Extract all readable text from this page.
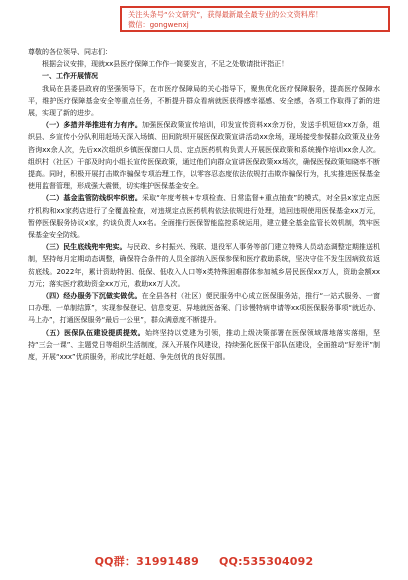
关注头条号“公文研究”，获得最新最全最专业的公文资料库！
微信：gongwenxj

尊敬的各位领导、同志们：

根据会议安排，现就xx县医疗保障工作作一简要发言，不足之处敬请批评指正！

一、工作开展情况

我局在县委县政府的坚强领导下，在市医疗保障局的关心指导下，聚焦优化医疗保障服务，提高医疗保障水平，维护医疗保障基金安全等重点任务，不断提升群众看病就医获得感幸福感、安全感，各项工作取得了新的进展，实现了新的进步。

（一）多措并举推进有力有序。加强医保政策宣传培训，印发宣传资料xx余万份，发送手机短信xx万条，组织县、乡宣传小分队利用赶场天深入场镇、田间院坝开展医保政策宣讲活动xx余场，现场接受参保群众政策及业务咨询xx余人次，先后xx次组织乡镇医保窗口人员、定点医药机构负责人开展医保政策和系统操作培训xx余人次。组织村（社区）干部及时向小组长宣传医保政策，通过他们向群众宣讲医保政策xx场次，确保医保政策知晓率不断提高。同时，积极开展打击欺诈骗保专项治理工作，以零容忍态度依法依规打击欺诈骗保行为，扎实推进医保基金使用监督管理，形成强大震慑，切实维护医保基金安全。

（二）基金监管防线织牢织密。采取“年度考核+专项检查、日常监督+重点抽查”的模式，对全县x家定点医疗机构和xx家药店进行了全覆盖检查，对违规定点医药机构依法依规进行处理，追回违规使用医保基金xx万元，暂停医保服务协议x家，约谈负责人xx名。全面推行医保智能监控系统运用，建立健全基金监管长效机制，筑牢医保基金安全防线。

（三）民生底线兜牢兜实。与民政、乡村振兴、残联、退役军人事务等部门建立特殊人员动态调整定期推送机制，坚持每月定期动态调整，确保符合条件的人员全部纳入医保参保和医疗救助系统，坚决守住不发生因病致贫返贫底线。2022年，累计资助特困、低保、低收入人口等x类特殊困难群体参加城乡居民医保xx万人，资助金额xx万元；落实医疗救助资金xx万元，救助xx万人次。

（四）经办服务下沉做实做优。在全县各村（社区）便民服务中心成立医保服务站，推行“一站式服务、一窗口办理、一单制结算”，实现参保登记、信息变更、异地就医备案、门诊慢特病申请等xx项医保服务事项“就近办、马上办”，打通医保服务“最后一公里”，群众满意度不断提升。

（五）医保队伍建设提质提效。始终坚持以党建为引领，推动上级决策部署在医保领域落地落实落细，坚持“三会一课”、主题党日等组织生活制度，深入开展作风建设，持续强化医保干部队伍建设，全面推动“好差评”制度，开展“xxx”优质服务，形成比学赶超、争先创优的良好氛围。

QQ群：31991489 QQ:535304092
